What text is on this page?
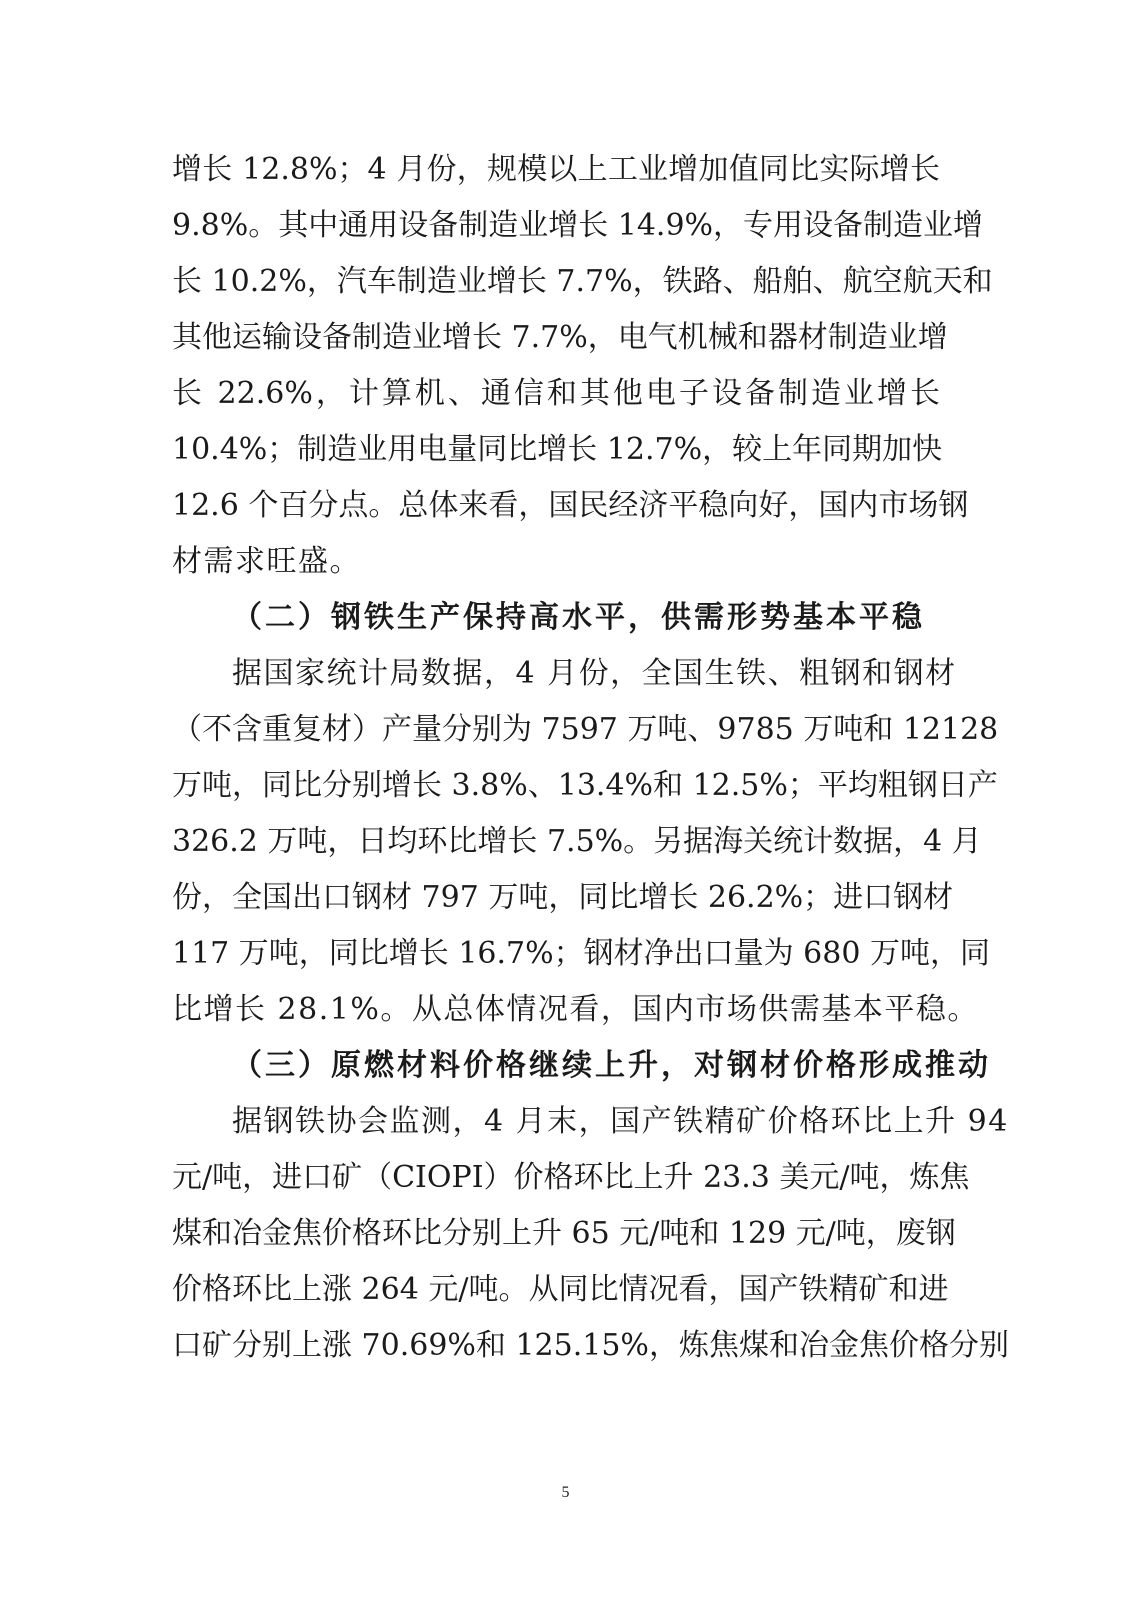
增长 12.8%；4 月份，规模以上工业增加值同比实际增长
9.8%。其中通用设备制造业增长 14.9%，专用设备制造业增
长 10.2%，汽车制造业增长 7.7%，铁路、船舶、航空航天和
其他运输设备制造业增长 7.7%，电气机械和器材制造业增
长 22.6%，计算机、通信和其他电子设备制造业增长
10.4%；制造业用电量同比增长 12.7%，较上年同期加快
12.6 个百分点。总体来看，国民经济平稳向好，国内市场钢
材需求旺盛。
（二）钢铁生产保持高水平，供需形势基本平稳
据国家统计局数据，4 月份，全国生铁、粗钢和钢材
（不含重复材）产量分别为 7597 万吨、9785 万吨和 12128
万吨，同比分别增长 3.8%、13.4%和 12.5%；平均粗钢日产
326.2 万吨，日均环比增长 7.5%。另据海关统计数据，4 月
份，全国出口钢材 797 万吨，同比增长 26.2%；进口钢材
117 万吨，同比增长 16.7%；钢材净出口量为 680 万吨，同
比增长 28.1%。从总体情况看，国内市场供需基本平稳。
（三）原燃材料价格继续上升，对钢材价格形成推动
据钢铁协会监测，4 月末，国产铁精矿价格环比上升 94
元/吨，进口矿（CIOPI）价格环比上升 23.3 美元/吨，炼焦
煤和冶金焦价格环比分别上升 65 元/吨和 129 元/吨，废钢
价格环比上涨 264 元/吨。从同比情况看，国产铁精矿和进
口矿分别上涨 70.69%和 125.15%，炼焦煤和冶金焦价格分别
5
